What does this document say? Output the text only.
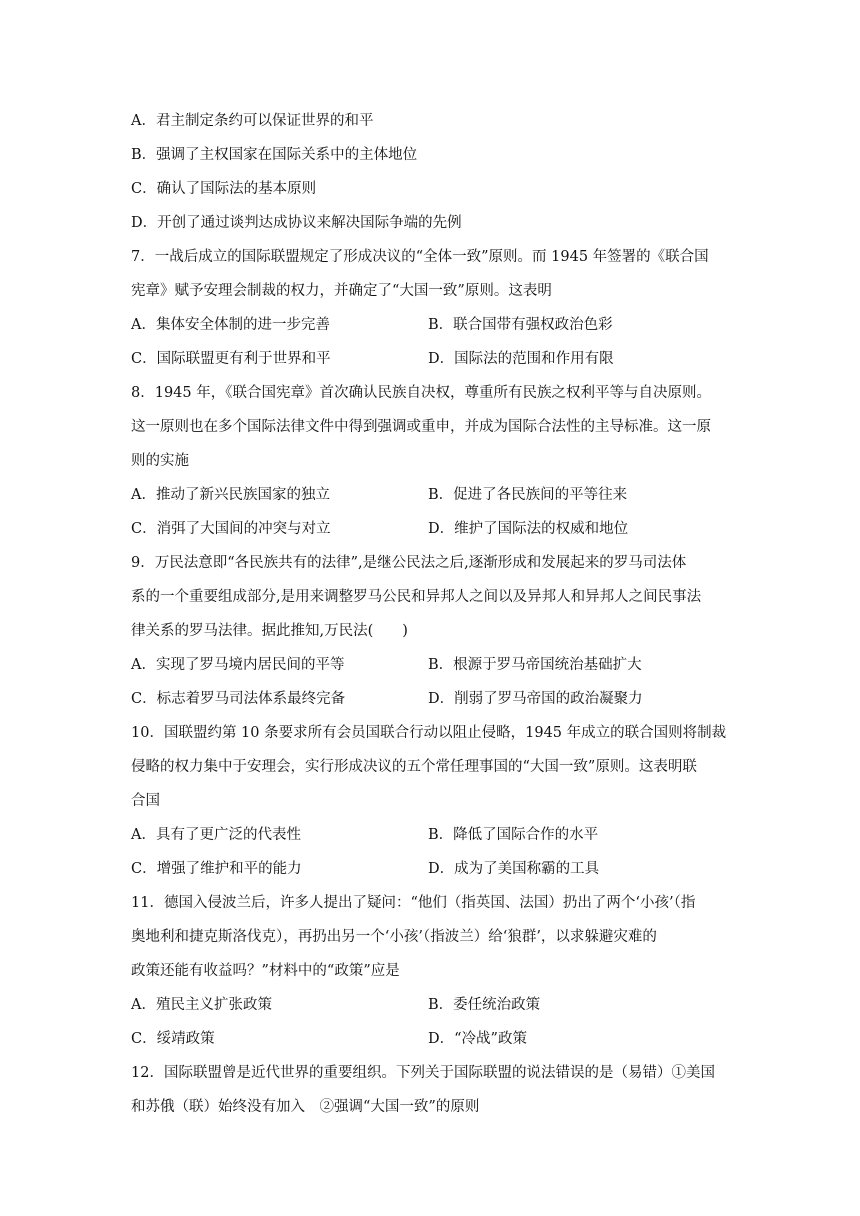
A．君主制定条约可以保证世界的和平
B．强调了主权国家在国际关系中的主体地位
C．确认了国际法的基本原则
D．开创了通过谈判达成协议来解决国际争端的先例
7．一战后成立的国际联盟规定了形成决议的“全体一致”原则。而 1945 年签署的《联合国
宪章》赋予安理会制裁的权力，并确定了“大国一致”原则。这表明
A．集体安全体制的进一步完善	B．联合国带有强权政治色彩
C．国际联盟更有利于世界和平	D．国际法的范围和作用有限
8．1945 年，《联合国宪章》首次确认民族自决权，尊重所有民族之权利平等与自决原则。
这一原则也在多个国际法律文件中得到强调或重申，并成为国际合法性的主导标准。这一原
则的实施
A．推动了新兴民族国家的独立	B．促进了各民族间的平等往来
C．消弭了大国间的冲突与对立	D．维护了国际法的权威和地位
9．万民法意即“各民族共有的法律”,是继公民法之后,逐渐形成和发展起来的罗马司法体
系的一个重要组成部分,是用来调整罗马公民和异邦人之间以及异邦人和异邦人之间民事法
律关系的罗马法律。据此推知,万民法(　　)
A．实现了罗马境内居民间的平等	B．根源于罗马帝国统治基础扩大
C．标志着罗马司法体系最终完备	D．削弱了罗马帝国的政治凝聚力
10．国联盟约第 10 条要求所有会员国联合行动以阻止侵略，1945 年成立的联合国则将制裁
侵略的权力集中于安理会，实行形成决议的五个常任理事国的“大国一致”原则。这表明联
合国
A．具有了更广泛的代表性	B．降低了国际合作的水平
C．增强了维护和平的能力	D．成为了美国称霸的工具
11．德国入侵波兰后，许多人提出了疑问：“他们（指英国、法国）扔出了两个‘小孩’（指
奥地利和捷克斯洛伐克），再扔出另一个‘小孩’（指波兰）给‘狼群’，以求躲避灾难的
政策还能有收益吗？”材料中的“政策”应是
A．殖民主义扩张政策	B．委任统治政策
C．绥靖政策	D．“冷战”政策
12．国际联盟曾是近代世界的重要组织。下列关于国际联盟的说法错误的是（易错）①美国
和苏俄（联）始终没有加入　②强调“大国一致”的原则
